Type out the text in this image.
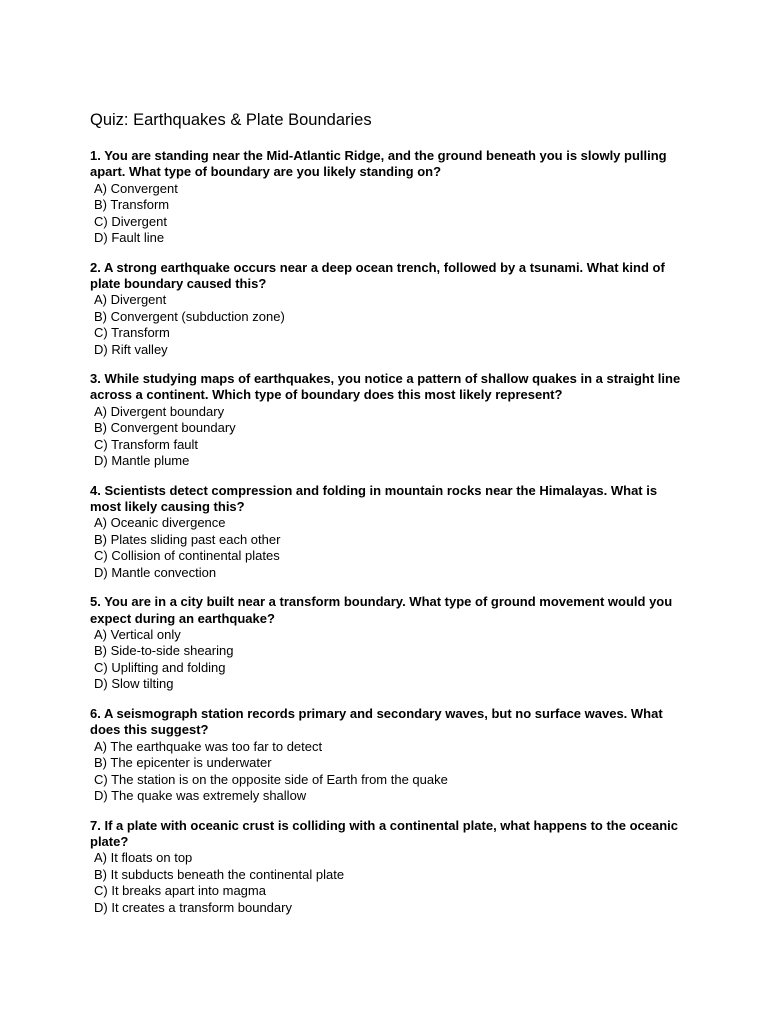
Quiz: Earthquakes & Plate Boundaries

1. You are standing near the Mid-Atlantic Ridge, and the ground beneath you is slowly pulling apart. What type of boundary are you likely standing on?

A) Convergent
B) Transform
C) Divergent
D) Fault line

2. A strong earthquake occurs near a deep ocean trench, followed by a tsunami. What kind of plate boundary caused this?

A) Divergent
B) Convergent (subduction zone)
C) Transform
D) Rift valley

3. While studying maps of earthquakes, you notice a pattern of shallow quakes in a straight line across a continent. Which type of boundary does this most likely represent?

A) Divergent boundary
B) Convergent boundary
C) Transform fault
D) Mantle plume

4. Scientists detect compression and folding in mountain rocks near the Himalayas. What is most likely causing this?

A) Oceanic divergence
B) Plates sliding past each other
C) Collision of continental plates
D) Mantle convection

5. You are in a city built near a transform boundary. What type of ground movement would you expect during an earthquake?

A) Vertical only
B) Side-to-side shearing
C) Uplifting and folding
D) Slow tilting

6. A seismograph station records primary and secondary waves, but no surface waves. What does this suggest?

A) The earthquake was too far to detect
B) The epicenter is underwater
C) The station is on the opposite side of Earth from the quake
D) The quake was extremely shallow

7. If a plate with oceanic crust is colliding with a continental plate, what happens to the oceanic plate?

A) It floats on top
B) It subducts beneath the continental plate
C) It breaks apart into magma
D) It creates a transform boundary
